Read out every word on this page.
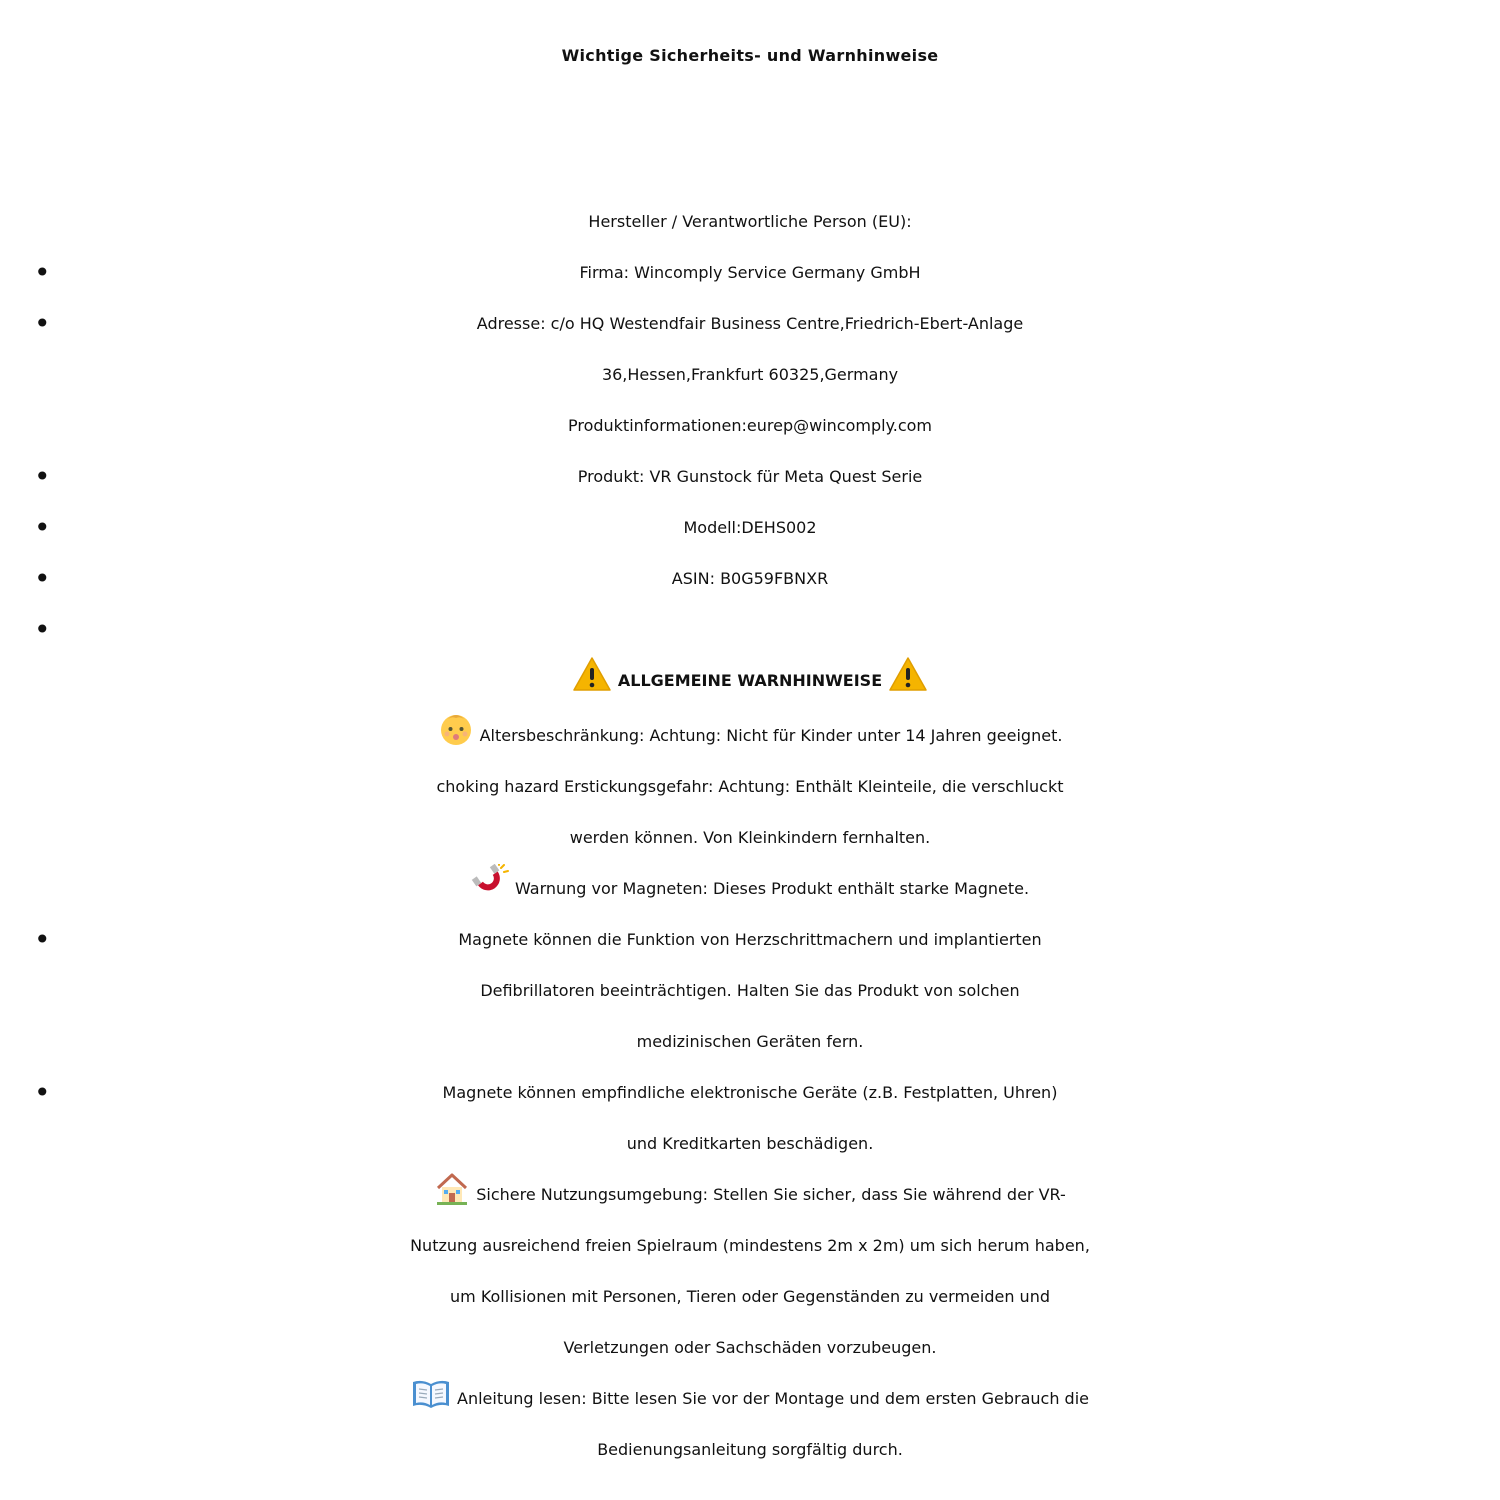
Wichtige Sicherheits- und Warnhinweise
Hersteller / Verantwortliche Person (EU):
•	Firma: Wincomply Service Germany GmbH
•	Adresse: c/o HQ Westendfair Business Centre,Friedrich-Ebert-Anlage
36,Hessen,Frankfurt 60325,Germany
Produktinformationen:eurep@wincomply.com
•	Produkt: VR Gunstock für Meta Quest Serie
•	Modell:DEHS002
•	ASIN: B0G59FBNXR
•
ALLGEMEINE WARNHINWEISE
Altersbeschränkung: Achtung: Nicht für Kinder unter 14 Jahren geeignet.
choking hazard Erstickungsgefahr: Achtung: Enthält Kleinteile, die verschluckt
werden können. Von Kleinkindern fernhalten.
Warnung vor Magneten: Dieses Produkt enthält starke Magnete.
•	Magnete können die Funktion von Herzschrittmachern und implantierten
Defibrillatoren beeinträchtigen. Halten Sie das Produkt von solchen
medizinischen Geräten fern.
•	Magnete können empfindliche elektronische Geräte (z.B. Festplatten, Uhren)
und Kreditkarten beschädigen.
Sichere Nutzungsumgebung: Stellen Sie sicher, dass Sie während der VR-
Nutzung ausreichend freien Spielraum (mindestens 2m x 2m) um sich herum haben,
um Kollisionen mit Personen, Tieren oder Gegenständen zu vermeiden und
Verletzungen oder Sachschäden vorzubeugen.
Anleitung lesen: Bitte lesen Sie vor der Montage und dem ersten Gebrauch die
Bedienungsanleitung sorgfältig durch.
